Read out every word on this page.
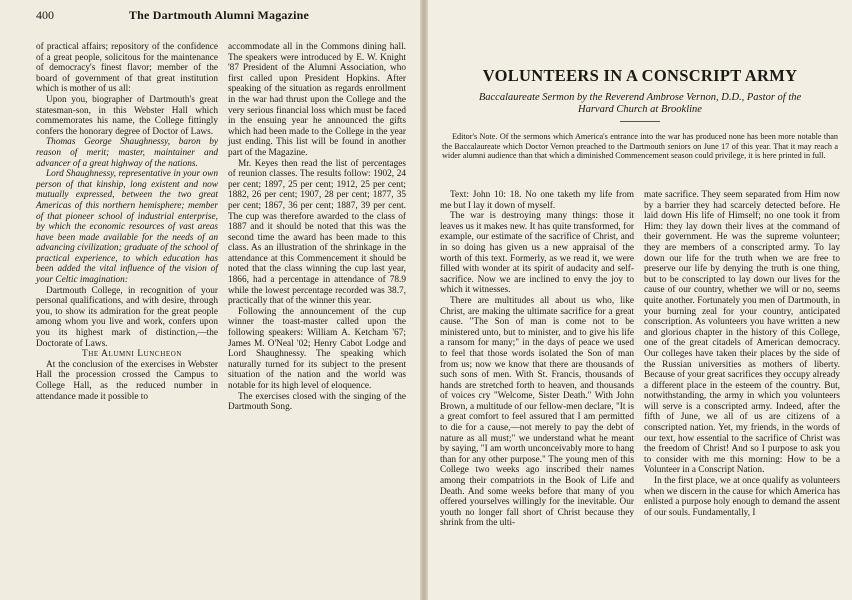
400	The Dartmouth Alumni Magazine

of practical affairs; repository of the confidence of a great people, solicitous for the maintenance of democracy's finest flavor; member of the board of government of that great institution which is mother of us all:

Upon you, biographer of Dartmouth's great statesman-son, in this Webster Hall which commemorates his name, the College fittingly confers the honorary degree of Doctor of Laws.

Thomas George Shaughnessy, baron by reason of merit; master, maintainer and advancer of a great highway of the nations.

Lord Shaughnessy, representative in your own person of that kinship, long existent and now mutually expressed, between the two great Americas of this northern hemisphere; member of that pioneer school of industrial enterprise, by which the economic resources of vast areas have been made available for the needs of an advancing civilization; graduate of the school of practical experience, to which education has been added the vital influence of the vision of your Celtic imagination:

Dartmouth College, in recognition of your personal qualifications, and with desire, through you, to show its admiration for the great people among whom you live and work, confers upon you its highest mark of distinction,—the Doctorate of Laws.

The Alumni Luncheon

At the conclusion of the exercises in Webster Hall the procession crossed the Campus to College Hall, as the reduced number in attendance made it possible to

accommodate all in the Commons dining hall. The speakers were introduced by E. W. Knight '87 President of the Alumni Association, who first called upon President Hopkins. After speaking of the situation as regards enrollment in the war had thrust upon the College and the very serious financial loss which must be faced in the ensuing year he announced the gifts which had been made to the College in the year just ending. This list will be found in another part of the Magazine.

Mr. Keyes then read the list of percentages of reunion classes. The results follow: 1902, 24 per cent; 1897, 25 per cent; 1912, 25 per cent; 1882, 26 per cent; 1907, 28 per cent; 1877, 35 per cent; 1867, 36 per cent; 1887, 39 per cent. The cup was therefore awarded to the class of 1887 and it should be noted that this was the second time the award has been made to this class. As an illustration of the shrinkage in the attendance at this Commencement it should be noted that the class winning the cup last year, 1866, had a percentage in attendance of 78.9 while the lowest percentage recorded was 38.7, practically that of the winner this year.

Following the announcement of the cup winner the toast-master called upon the following speakers: William A. Ketcham '67; James M. O'Neal '02; Henry Cabot Lodge and Lord Shaughnessy. The speaking which naturally turned for its subject to the present situation of the nation and the world was notable for its high level of eloquence.

The exercises closed with the singing of the Dartmouth Song.

VOLUNTEERS IN A CONSCRIPT ARMY
Baccalaureate Sermon by the Reverend Ambrose Vernon, D.D., Pastor of the Harvard Church at Brookline
Editor's Note. Of the sermons which America's entrance into the war has produced none has been more notable than the Baccalaureate which Doctor Vernon preached to the Dartmouth seniors on June 17 of this year. That it may reach a wider alumni audience than that which a diminished Commencement season could privilege, it is here printed in full.

Text: John 10: 18. No one taketh my life from me but I lay it down of myself.

The war is destroying many things: those it leaves us it makes new. It has quite transformed, for example, our estimate of the sacrifice of Christ, and in so doing has given us a new appraisal of the worth of this text. Formerly, as we read it, we were filled with wonder at its spirit of audacity and self-sacrifice. Now we are inclined to envy the joy to which it witnesses.

There are multitudes all about us who, like Christ, are making the ultimate sacrifice for a great cause. "The Son of man is come not to be ministered unto, but to minister, and to give his life a ransom for many;" in the days of peace we used to feel that those words isolated the Son of man from us; now we know that there are thousands of such sons of men. With St. Francis, thousands of hands are stretched forth to heaven, and thousands of voices cry "Welcome, Sister Death." With John Brown, a multitude of our fellow-men declare, "It is a great comfort to feel assured that I am permitted to die for a cause,—not merely to pay the debt of nature as all must;" we understand what he meant by saying, "I am worth unconceivably more to hang than for any other purpose." The young men of this College two weeks ago inscribed their names among their compatriots in the Book of Life and Death. And some weeks before that many of you offered yourselves willingly for the inevitable. Our youth no longer fall short of Christ because they shrink from the ulti-

mate sacrifice. They seem separated from Him now by a barrier they had scarcely detected before. He laid down His life of Himself; no one took it from Him: they lay down their lives at the command of their government. He was the supreme volunteer; they are members of a conscripted army. To lay down our life for the truth when we are free to preserve our life by denying the truth is one thing, but to be conscripted to lay down our lives for the cause of our country, whether we will or no, seems quite another. Fortunately you men of Dartmouth, in your burning zeal for your country, anticipated conscription. As volunteers you have written a new and glorious chapter in the history of this College, one of the great citadels of American democracy. Our colleges have taken their places by the side of the Russian universities as mothers of liberty. Because of your great sacrifices they occupy already a different place in the esteem of the country. But, notwithstanding, the army in which you volunteers will serve is a conscripted army. Indeed, after the fifth of June, we all of us are citizens of a conscripted nation. Yet, my friends, in the words of our text, how essential to the sacrifice of Christ was the freedom of Christ! And so I purpose to ask you to consider with me this morning: How to be a Volunteer in a Conscript Nation.

In the first place, we at once qualify as volunteers when we discern in the cause for which America has enlisted a purpose holy enough to demand the assent of our souls. Fundamentally, I
